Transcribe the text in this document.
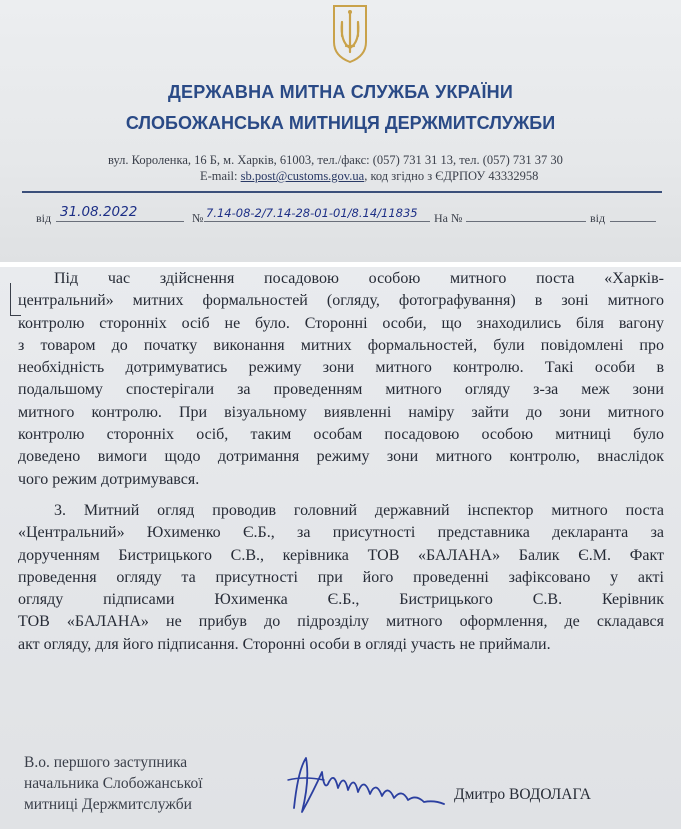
ДЕРЖАВНА МИТНА СЛУЖБА УКРАЇНИ
СЛОБОЖАНСЬКА МИТНИЦЯ ДЕРЖМИТСЛУЖБИ
вул. Короленка, 16 Б, м. Харків, 61003, тел./факс: (057) 731 31 13, тел. (057) 731 37 30
E-mail: sb.post@customs.gov.ua, код згідно з ЄДРПОУ 43332958
від 31.08.2022	№ 7.14-08-2/7.14-28-01-01/8.14/11835 На №	від
Під час здійснення посадовою особою митного поста «Харків-
центральний» митних формальностей (огляду, фотографування) в зоні митного
контролю сторонніх осіб не було. Сторонні особи, що знаходились біля вагону
з товаром до початку виконання митних формальностей, були повідомлені про
необхідність дотримуватись режиму зони митного контролю. Такі особи в
подальшому спостерігали за проведенням митного огляду з-за меж зони
митного контролю. При візуальному виявленні наміру зайти до зони митного
контролю сторонніх осіб, таким особам посадовою особою митниці було
доведено вимоги щодо дотримання режиму зони митного контролю, внаслідок
чого режим дотримувався.
3. Митний огляд проводив головний державний інспектор митного поста
«Центральний» Юхименко Є.Б., за присутності представника декларанта за
дорученням Бистрицького С.В., керівника ТОВ «БАЛАНА» Балик Є.М. Факт
проведення огляду та присутності при його проведенні зафіксовано у акті
огляду підписами Юхименка Є.Б., Бистрицького С.В. Керівник
ТОВ «БАЛАНА» не прибув до підрозділу митного оформлення, де складався
акт огляду, для його підписання. Сторонні особи в огляді участь не приймали.
В.о. першого заступника
начальника Слобожанської
митниці Держмитслужби
Дмитро ВОДОЛАГА
